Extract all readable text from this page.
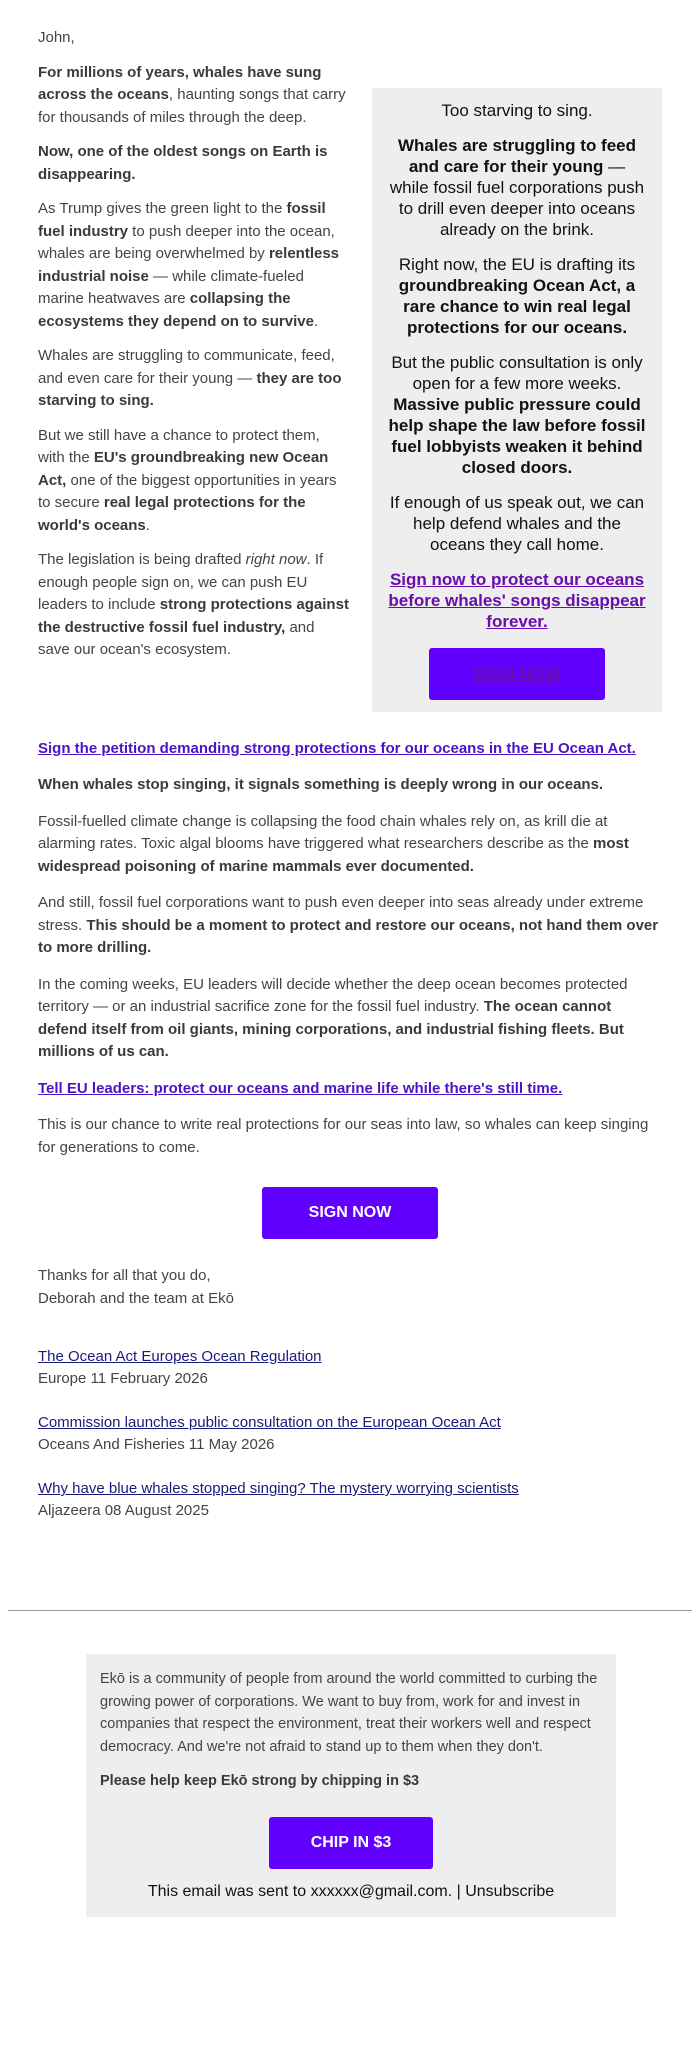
John,

Too starving to sing.

Whales are struggling to feed and care for their young — while fossil fuel corporations push to drill even deeper into oceans already on the brink.

Right now, the EU is drafting its groundbreaking Ocean Act, a rare chance to win real legal protections for our oceans.

But the public consultation is only open for a few more weeks. Massive public pressure could help shape the law before fossil fuel lobbyists weaken it behind closed doors.

If enough of us speak out, we can help defend whales and the oceans they call home.

Sign now to protect our oceans before whales' songs disappear forever.

SIGN NOW

For millions of years, whales have sung across the oceans, haunting songs that carry for thousands of miles through the deep.

Now, one of the oldest songs on Earth is disappearing.

As Trump gives the green light to the fossil fuel industry to push deeper into the ocean, whales are being overwhelmed by relentless industrial noise — while climate-fueled marine heatwaves are collapsing the ecosystems they depend on to survive.

Whales are struggling to communicate, feed, and even care for their young — they are too starving to sing.

But we still have a chance to protect them, with the EU's groundbreaking new Ocean Act, one of the biggest opportunities in years to secure real legal protections for the world's oceans.

The legislation is being drafted right now. If enough people sign on, we can push EU leaders to include strong protections against the destructive fossil fuel industry, and save our ocean's ecosystem.

Sign the petition demanding strong protections for our oceans in the EU Ocean Act.

When whales stop singing, it signals something is deeply wrong in our oceans.

Fossil-fuelled climate change is collapsing the food chain whales rely on, as krill die at alarming rates. Toxic algal blooms have triggered what researchers describe as the most widespread poisoning of marine mammals ever documented.

And still, fossil fuel corporations want to push even deeper into seas already under extreme stress. This should be a moment to protect and restore our oceans, not hand them over to more drilling.

In the coming weeks, EU leaders will decide whether the deep ocean becomes protected territory — or an industrial sacrifice zone for the fossil fuel industry. The ocean cannot defend itself from oil giants, mining corporations, and industrial fishing fleets. But millions of us can.

Tell EU leaders: protect our oceans and marine life while there's still time.

This is our chance to write real protections for our seas into law, so whales can keep singing for generations to come.

SIGN NOW

Thanks for all that you do,

Deborah and the team at Ekō

The Ocean Act Europes Ocean Regulation
Europe 11 February 2026
Commission launches public consultation on the European Ocean Act
Oceans And Fisheries 11 May 2026
Why have blue whales stopped singing? The mystery worrying scientists
Aljazeera 08 August 2025

Ekō is a community of people from around the world committed to curbing the growing power of corporations. We want to buy from, work for and invest in companies that respect the environment, treat their workers well and respect democracy. And we're not afraid to stand up to them when they don't.

Please help keep Ekō strong by chipping in $3

CHIP IN $3
This email was sent to xxxxxx@gmail.com. | Unsubscribe
